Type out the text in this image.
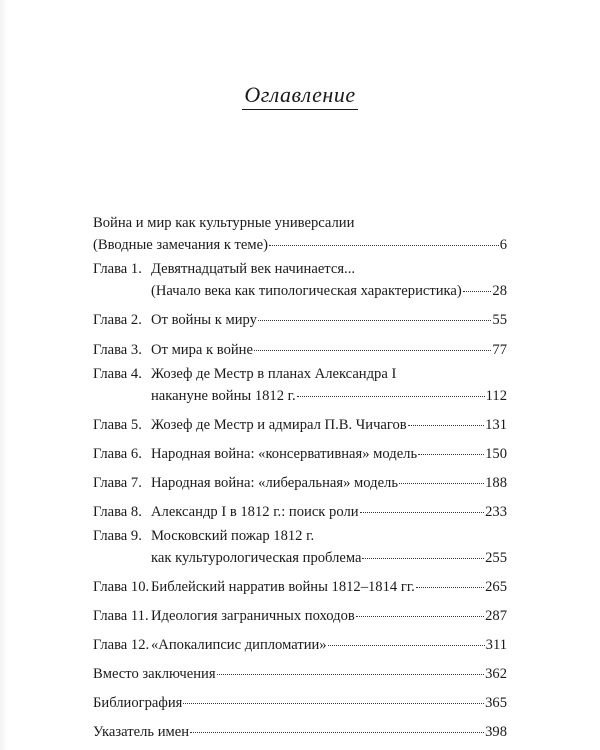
Оглавление
Война и мир как культурные универсалии
(Вводные замечания к теме)	6
Глава 1. Девятнадцатый век начинается...
(Начало века как типологическая характеристика) 28
Глава 2. От войны к миру	55
Глава 3. От мира к войне	77
Глава 4. Жозеф де Местр в планах Александра I
накануне войны 1812 г.	112
Глава 5. Жозеф де Местр и адмирал П.В. Чичагов	131
Глава 6. Народная война: «консервативная» модель	150
Глава 7. Народная война: «либеральная» модель	188
Глава 8. Александр I в 1812 г.: поиск роли	233
Глава 9. Московский пожар 1812 г.
как культурологическая проблема	255
Глава 10. Библейский нарратив войны 1812–1814 гг.	265
Глава 11. Идеология заграничных походов	287
Глава 12. «Апокалипсис дипломатии»	311
Вместо заключения	362
Библиография	365
Указатель имен	398
